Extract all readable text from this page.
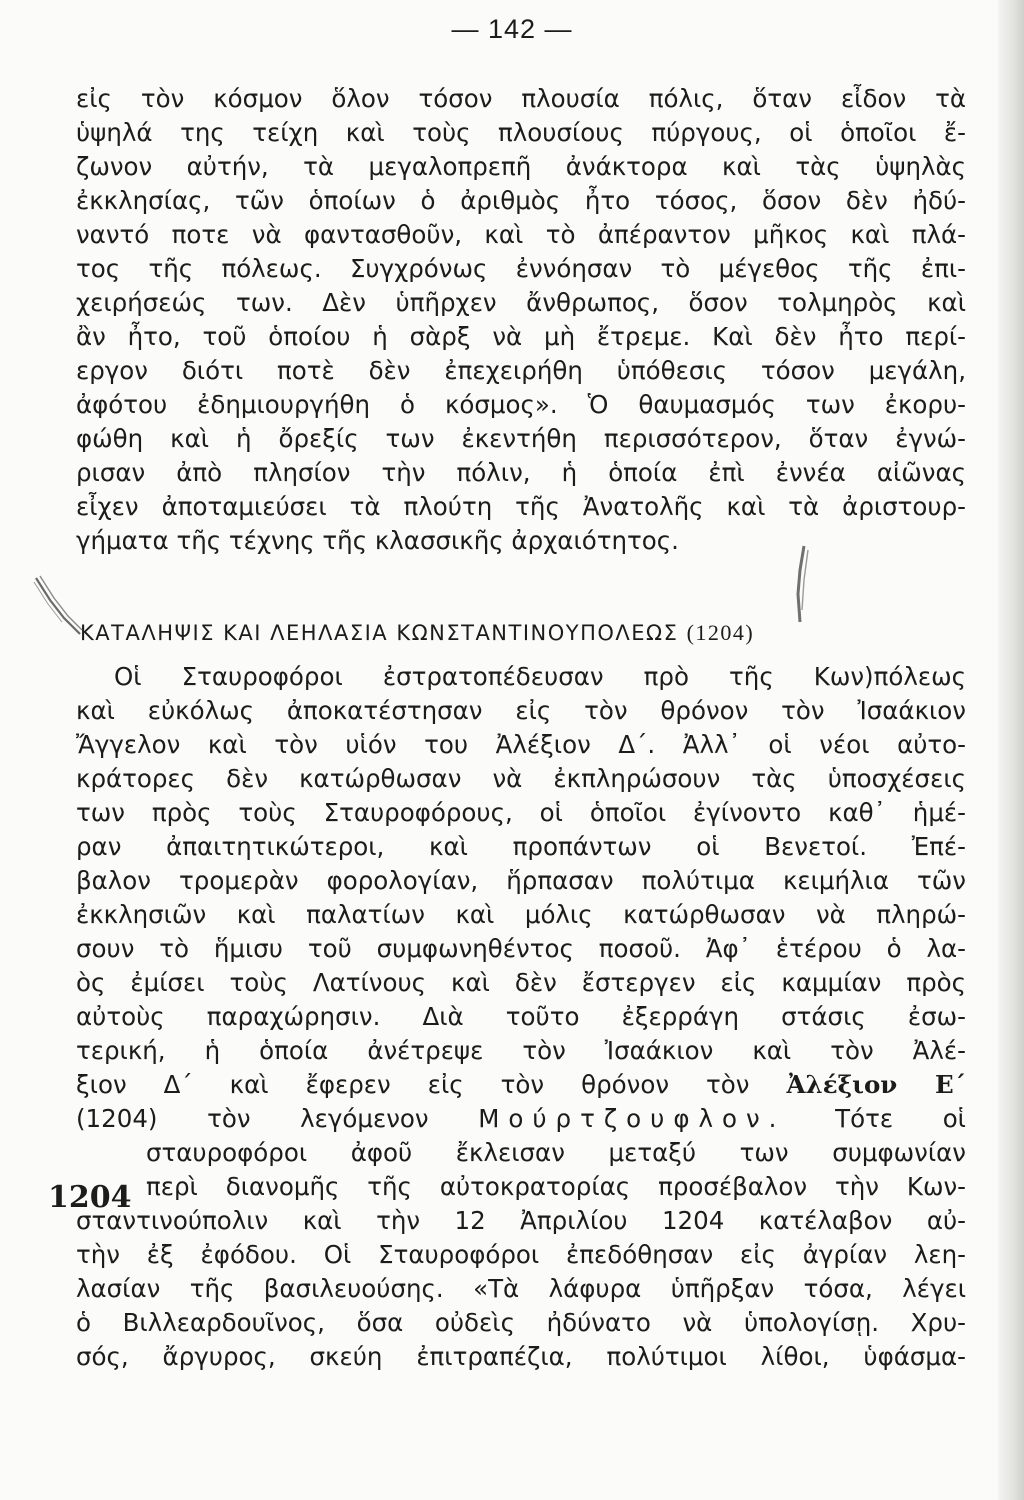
— 142 —
εἰς τὸν κόσμον ὅλον τόσον πλουσία πόλις, ὅταν εἶδον τὰ
ὑψηλά της τείχη καὶ τοὺς πλουσίους πύργους, οἱ ὁποῖοι ἔ-
ζωνον αὐτήν, τὰ μεγαλοπρεπῆ ἀνάκτορα καὶ τὰς ὑψηλὰς
ἐκκλησίας, τῶν ὁποίων ὁ ἀριθμὸς ἦτο τόσος, ὅσον δὲν ἠδύ-
ναντό ποτε νὰ φαντασθοῦν, καὶ τὸ ἀπέραντον μῆκος καὶ πλά-
τος τῆς πόλεως. Συγχρόνως ἐννόησαν τὸ μέγεθος τῆς ἐπι-
χειρήσεώς των. Δὲν ὑπῆρχεν ἄνθρωπος, ὅσον τολμηρὸς καὶ
ἂν ἦτο, τοῦ ὁποίου ἡ σὰρξ νὰ μὴ ἔτρεμε. Καὶ δὲν ἦτο περί-
εργον διότι ποτὲ δὲν ἐπεχειρήθη ὑπόθεσις τόσον μεγάλη,
ἀφότου ἐδημιουργήθη ὁ κόσμος». Ὁ θαυμασμός των ἐκορυ-
φώθη καὶ ἡ ὄρεξίς των ἐκεντήθη περισσότερον, ὅταν ἐγνώ-
ρισαν ἀπὸ πλησίον τὴν πόλιν, ἡ ὁποία ἐπὶ ἐννέα αἰῶνας
εἶχεν ἀποταμιεύσει τὰ πλούτη τῆς Ἀνατολῆς καὶ τὰ ἀριστουρ-
γήματα τῆς τέχνης τῆς κλασσικῆς ἀρχαιότητος.
ΚΑΤΑΛΗΨΙΣ ΚΑΙ ΛΕΗΛΑΣΙΑ ΚΩΝΣΤΑΝΤΙΝΟΥΠΟΛΕΩΣ (1204)
Οἱ Σταυροφόροι ἐστρατοπέδευσαν πρὸ τῆς Κων)πόλεως
καὶ εὐκόλως ἀποκατέστησαν εἰς τὸν θρόνον τὸν Ἰσαάκιον
Ἄγγελον καὶ τὸν υἱόν του Ἀλέξιον Δ΄. Ἀλλ᾿ οἱ νέοι αὐτο-
κράτορες δὲν κατώρθωσαν νὰ ἐκπληρώσουν τὰς ὑποσχέσεις
των πρὸς τοὺς Σταυροφόρους, οἱ ὁποῖοι ἐγίνοντο καθ᾿ ἡμέ-
ραν ἀπαιτητικώτεροι, καὶ προπάντων οἱ Βενετοί. Ἐπέ-
βαλον τρομερὰν φορολογίαν, ἥρπασαν πολύτιμα κειμήλια τῶν
ἐκκλησιῶν καὶ παλατίων καὶ μόλις κατώρθωσαν νὰ πληρώ-
σουν τὸ ἥμισυ τοῦ συμφωνηθέντος ποσοῦ. Ἀφ᾿ ἑτέρου ὁ λα-
ὸς ἐμίσει τοὺς Λατίνους καὶ δὲν ἔστεργεν εἰς καμμίαν πρὸς
αὐτοὺς παραχώρησιν. Διὰ τοῦτο ἐξερράγη στάσις ἐσω-
τερική, ἡ ὁποία ἀνέτρεψε τὸν Ἰσαάκιον καὶ τὸν Ἀλέ-
ξιον Δ΄ καὶ ἔφερεν εἰς τὸν θρόνον τὸν Ἀλέξιον Ε΄
(1204) τὸν λεγόμενον Μούρτζουφλον. Τότε οἱ
σταυροφόροι ἀφοῦ ἔκλεισαν μεταξύ των συμφωνίαν
περὶ διανομῆς τῆς αὐτοκρατορίας προσέβαλον τὴν Κων-
σταντινούπολιν καὶ τὴν 12 Ἀπριλίου 1204 κατέλαβον αὐ-
τὴν ἐξ ἐφόδου. Οἱ Σταυροφόροι ἐπεδόθησαν εἰς ἀγρίαν λεη-
λασίαν τῆς βασιλευούσης. «Τὰ λάφυρα ὑπῆρξαν τόσα, λέγει
ὁ Βιλλεαρδουῖνος, ὅσα οὐδεὶς ἠδύνατο νὰ ὑπολογίσῃ. Χρυ-
σός, ἄργυρος, σκεύη ἐπιτραπέζια, πολύτιμοι λίθοι, ὑφάσμα-
1204
